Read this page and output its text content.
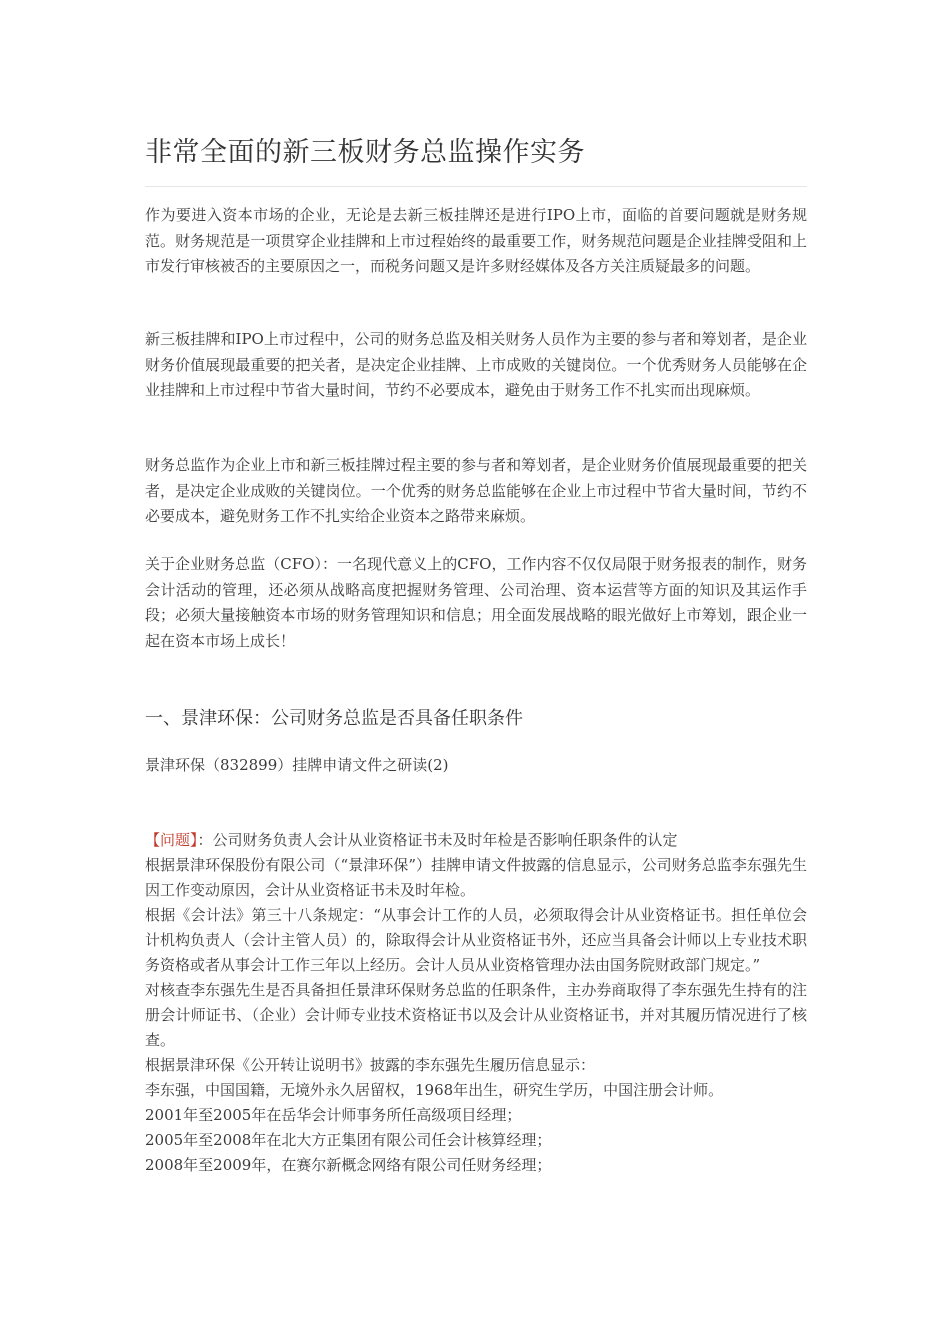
非常全面的新三板财务总监操作实务

作为要进入资本市场的企业，无论是去新三板挂牌还是进行IPO上市，面临的首要问题就是财务规范。财务规范是一项贯穿企业挂牌和上市过程始终的最重要工作，财务规范问题是企业挂牌受阻和上市发行审核被否的主要原因之一，而税务问题又是许多财经媒体及各方关注质疑最多的问题。

新三板挂牌和IPO上市过程中，公司的财务总监及相关财务人员作为主要的参与者和筹划者，是企业财务价值展现最重要的把关者，是决定企业挂牌、上市成败的关键岗位。一个优秀财务人员能够在企业挂牌和上市过程中节省大量时间，节约不必要成本，避免由于财务工作不扎实而出现麻烦。

财务总监作为企业上市和新三板挂牌过程主要的参与者和筹划者，是企业财务价值展现最重要的把关者，是决定企业成败的关键岗位。一个优秀的财务总监能够在企业上市过程中节省大量时间，节约不必要成本，避免财务工作不扎实给企业资本之路带来麻烦。

关于企业财务总监（CFO）：一名现代意义上的CFO，工作内容不仅仅局限于财务报表的制作，财务会计活动的管理，还必须从战略高度把握财务管理、公司治理、资本运营等方面的知识及其运作手段；必须大量接触资本市场的财务管理知识和信息；用全面发展战略的眼光做好上市筹划，跟企业一起在资本市场上成长！

一、景津环保：公司财务总监是否具备任职条件

景津环保（832899）挂牌申请文件之研读(2)

【问题】：公司财务负责人会计从业资格证书未及时年检是否影响任职条件的认定

根据景津环保股份有限公司（“景津环保”）挂牌申请文件披露的信息显示，公司财务总监李东强先生因工作变动原因，会计从业资格证书未及时年检。

根据《会计法》第三十八条规定：“从事会计工作的人员，必须取得会计从业资格证书。担任单位会计机构负责人（会计主管人员）的，除取得会计从业资格证书外，还应当具备会计师以上专业技术职务资格或者从事会计工作三年以上经历。会计人员从业资格管理办法由国务院财政部门规定。”

对核查李东强先生是否具备担任景津环保财务总监的任职条件，主办券商取得了李东强先生持有的注册会计师证书、（企业）会计师专业技术资格证书以及会计从业资格证书，并对其履历情况进行了核查。

根据景津环保《公开转让说明书》披露的李东强先生履历信息显示：

李东强，中国国籍，无境外永久居留权，1968年出生，研究生学历，中国注册会计师。

2001年至2005年在岳华会计师事务所任高级项目经理；

2005年至2008年在北大方正集团有限公司任会计核算经理；

2008年至2009年，在赛尔新概念网络有限公司任财务经理；
